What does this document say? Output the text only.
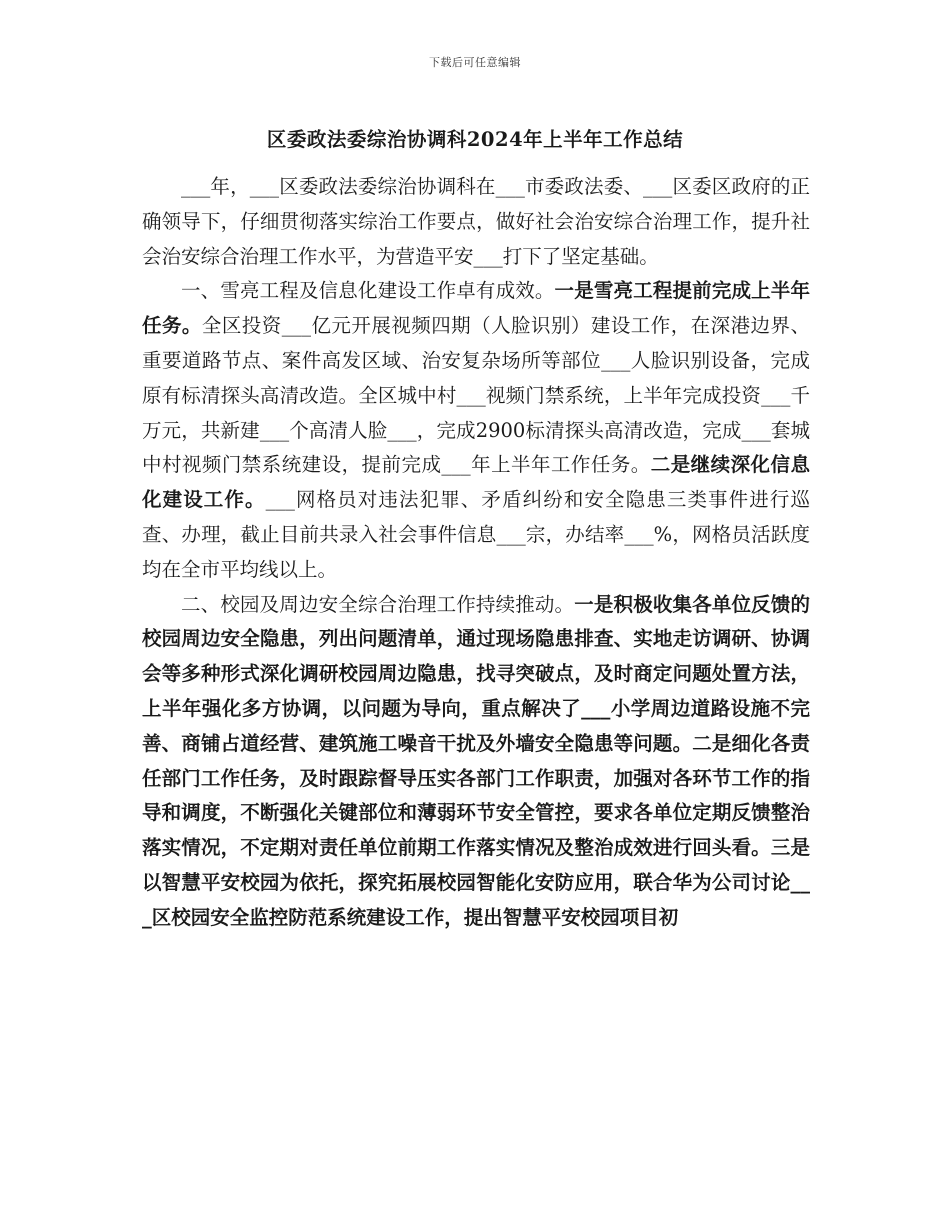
下载后可任意编辑
区委政法委综治协调科2024年上半年工作总结

___年，___区委政法委综治协调科在___市委政法委、___区委区政府的正确领导下，仔细贯彻落实综治工作要点，做好社会治安综合治理工作，提升社会治安综合治理工作水平，为营造平安___打下了坚定基础。

一、雪亮工程及信息化建设工作卓有成效。一是雪亮工程提前完成上半年任务。全区投资___亿元开展视频四期（人脸识别）建设工作，在深港边界、重要道路节点、案件高发区域、治安复杂场所等部位___人脸识别设备，完成原有标清探头高清改造。全区城中村___视频门禁系统，上半年完成投资___千万元，共新建___个高清人脸___，完成2900标清探头高清改造，完成___套城中村视频门禁系统建设，提前完成___年上半年工作任务。二是继续深化信息化建设工作。___网格员对违法犯罪、矛盾纠纷和安全隐患三类事件进行巡查、办理，截止目前共录入社会事件信息___宗，办结率___%，网格员活跃度均在全市平均线以上。

二、校园及周边安全综合治理工作持续推动。一是积极收集各单位反馈的校园周边安全隐患，列出问题清单，通过现场隐患排查、实地走访调研、协调会等多种形式深化调研校园周边隐患，找寻突破点，及时商定问题处置方法，上半年强化多方协调，以问题为导向，重点解决了___小学周边道路设施不完善、商铺占道经营、建筑施工噪音干扰及外墙安全隐患等问题。二是细化各责任部门工作任务，及时跟踪督导压实各部门工作职责，加强对各环节工作的指导和调度，不断强化关键部位和薄弱环节安全管控，要求各单位定期反馈整治落实情况，不定期对责任单位前期工作落实情况及整治成效进行回头看。三是以智慧平安校园为依托，探究拓展校园智能化安防应用，联合华为公司讨论___区校园安全监控防范系统建设工作，提出智慧平安校园项目初
